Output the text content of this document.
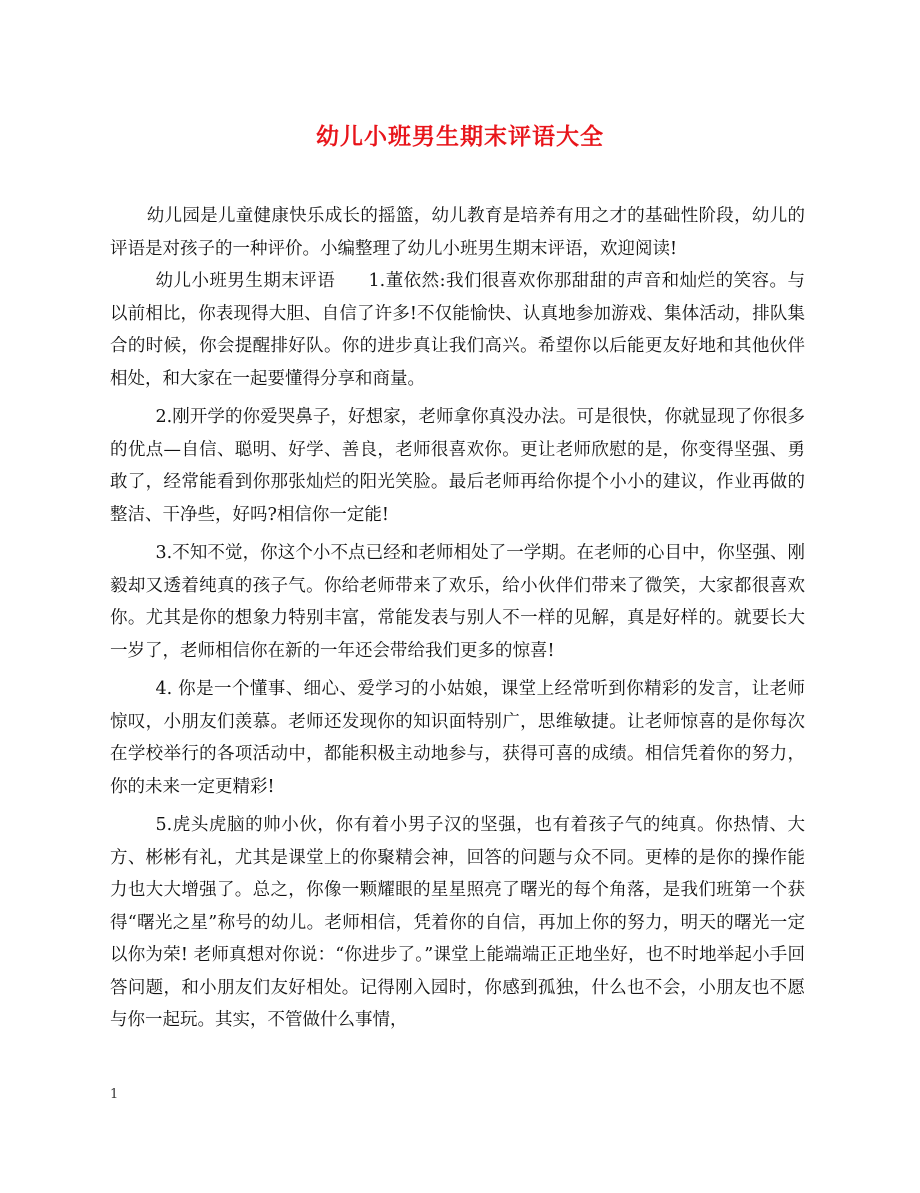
幼儿小班男生期末评语大全

幼儿园是儿童健康快乐成长的摇篮，幼儿教育是培养有用之才的基础性阶段，幼儿的评语是对孩子的一种评价。小编整理了幼儿小班男生期末评语，欢迎阅读!

幼儿小班男生期末评语 1.董依然:我们很喜欢你那甜甜的声音和灿烂的笑容。与以前相比，你表现得大胆、自信了许多!不仅能愉快、认真地参加游戏、集体活动，排队集合的时候，你会提醒排好队。你的进步真让我们高兴。希望你以后能更友好地和其他伙伴相处，和大家在一起要懂得分享和商量。

2.刚开学的你爱哭鼻子，好想家，老师拿你真没办法。可是很快，你就显现了你很多的优点—自信、聪明、好学、善良，老师很喜欢你。更让老师欣慰的是，你变得坚强、勇敢了，经常能看到你那张灿烂的阳光笑脸。最后老师再给你提个小小的建议，作业再做的整洁、干净些，好吗?相信你一定能!

3.不知不觉，你这个小不点已经和老师相处了一学期。在老师的心目中，你坚强、刚毅却又透着纯真的孩子气。你给老师带来了欢乐，给小伙伴们带来了微笑，大家都很喜欢你。尤其是你的想象力特别丰富，常能发表与别人不一样的见解，真是好样的。就要长大一岁了，老师相信你在新的一年还会带给我们更多的惊喜!

4. 你是一个懂事、细心、爱学习的小姑娘，课堂上经常听到你精彩的发言，让老师惊叹，小朋友们羡慕。老师还发现你的知识面特别广，思维敏捷。让老师惊喜的是你每次在学校举行的各项活动中，都能积极主动地参与，获得可喜的成绩。相信凭着你的努力，你的未来一定更精彩!

5.虎头虎脑的帅小伙，你有着小男子汉的坚强，也有着孩子气的纯真。你热情、大方、彬彬有礼，尤其是课堂上的你聚精会神，回答的问题与众不同。更棒的是你的操作能力也大大增强了。总之，你像一颗耀眼的星星照亮了曙光的每个角落，是我们班第一个获得“曙光之星”称号的幼儿。老师相信，凭着你的自信，再加上你的努力，明天的曙光一定以你为荣! 老师真想对你说：“你进步了。”课堂上能端端正正地坐好，也不时地举起小手回答问题，和小朋友们友好相处。记得刚入园时，你感到孤独，什么也不会，小朋友也不愿与你一起玩。其实，不管做什么事情，

1
